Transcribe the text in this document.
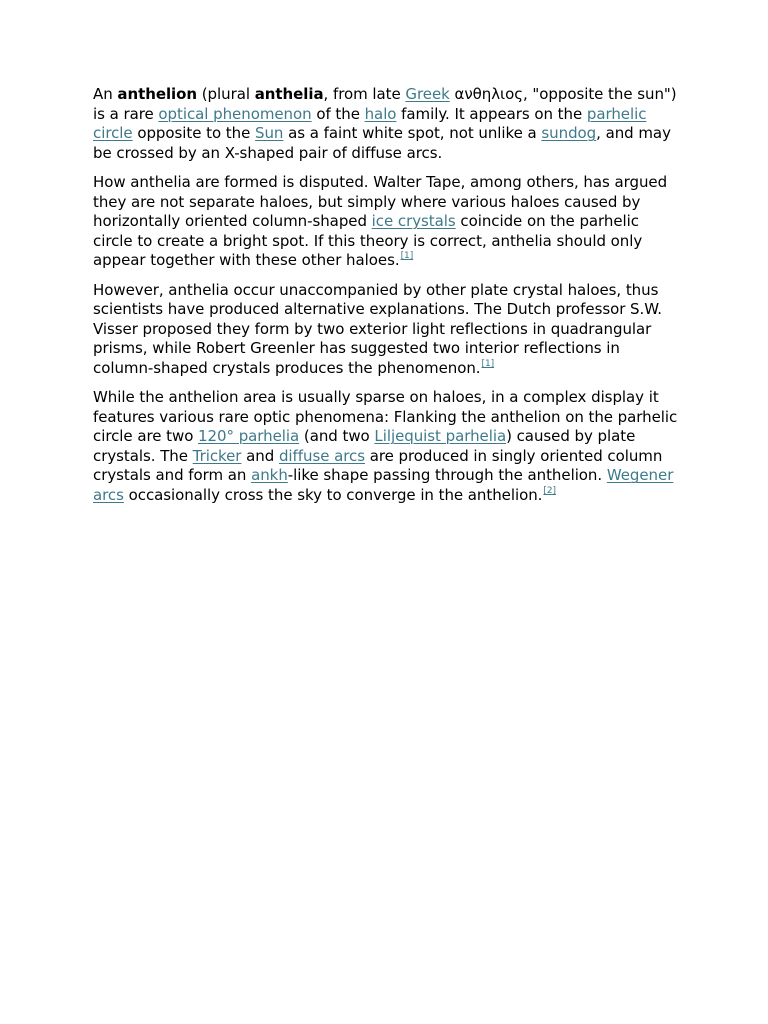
An anthelion (plural anthelia, from late Greek ανθηλιος, "opposite the sun") is a rare optical phenomenon of the halo family. It appears on the parhelic circle opposite to the Sun as a faint white spot, not unlike a sundog, and may be crossed by an X-shaped pair of diffuse arcs.

How anthelia are formed is disputed. Walter Tape, among others, has argued they are not separate haloes, but simply where various haloes caused by horizontally oriented column-shaped ice crystals coincide on the parhelic circle to create a bright spot. If this theory is correct, anthelia should only appear together with these other haloes.[1]

However, anthelia occur unaccompanied by other plate crystal haloes, thus scientists have produced alternative explanations. The Dutch professor S.W. Visser proposed they form by two exterior light reflections in quadrangular prisms, while Robert Greenler has suggested two interior reflections in column-shaped crystals produces the phenomenon.[1]

While the anthelion area is usually sparse on haloes, in a complex display it features various rare optic phenomena: Flanking the anthelion on the parhelic circle are two 120° parhelia (and two Liljequist parhelia) caused by plate crystals. The Tricker and diffuse arcs are produced in singly oriented column crystals and form an ankh-like shape passing through the anthelion. Wegener arcs occasionally cross the sky to converge in the anthelion.[2]
